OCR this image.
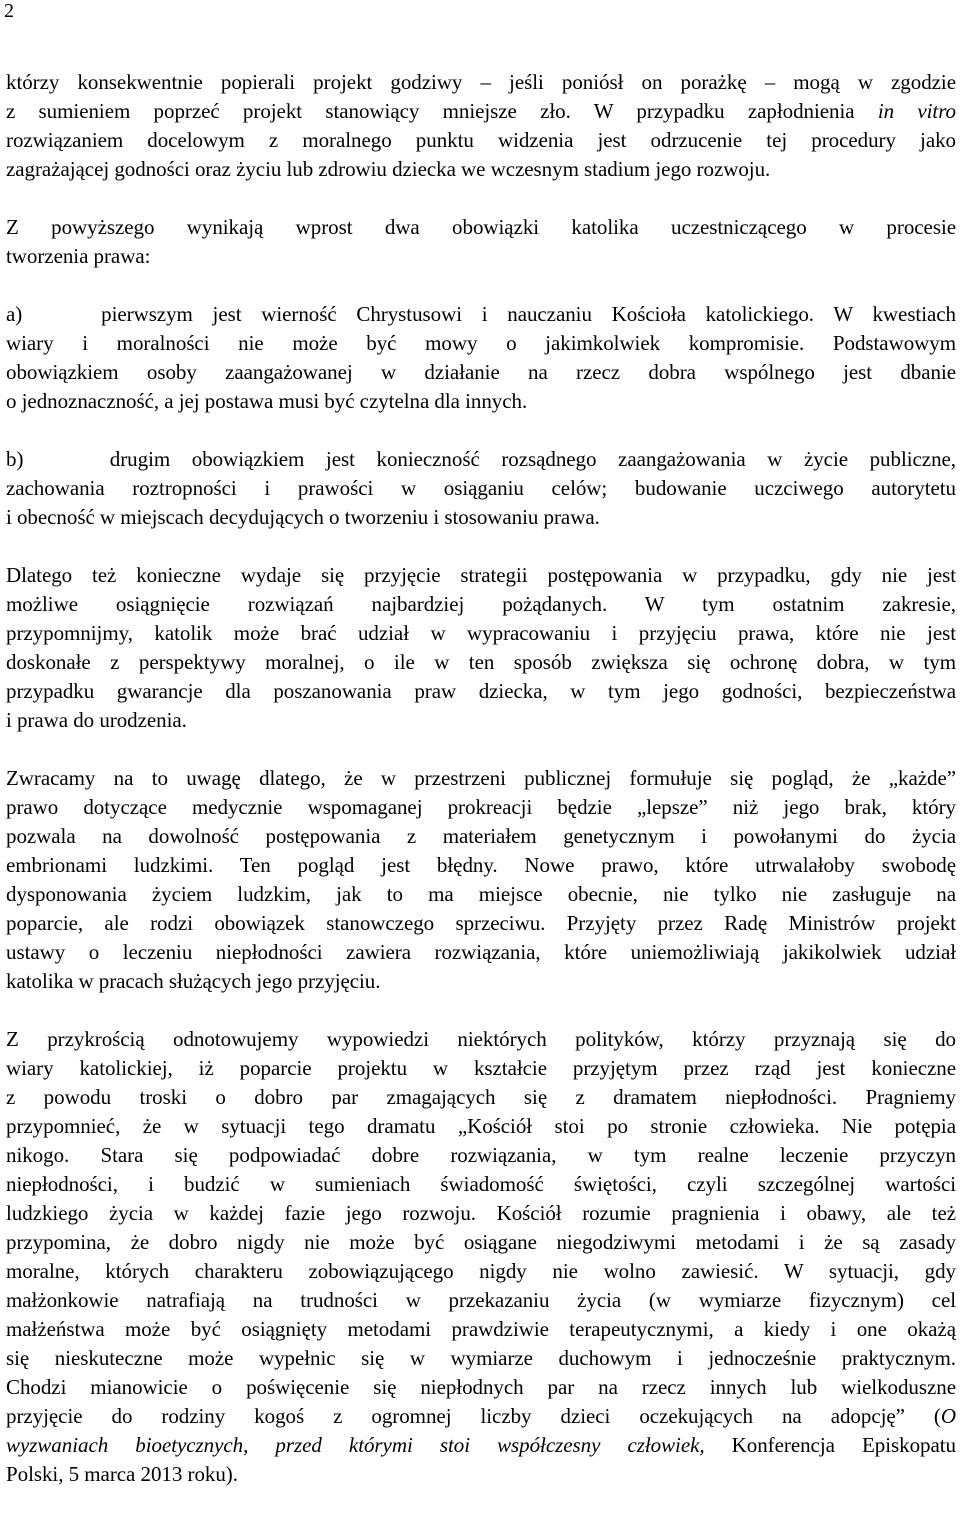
2

którzy konsekwentnie popierali projekt godziwy – jeśli poniósł on porażkę – mogą w zgodzie
z sumieniem poprzeć projekt stanowiący mniejsze zło. W przypadku zapłodnienia in vitro
rozwiązaniem docelowym z moralnego punktu widzenia jest odrzucenie tej procedury jako
zagrażającej godności oraz życiu lub zdrowiu dziecka we wczesnym stadium jego rozwoju.

Z powyższego wynikają wprost dwa obowiązki katolika uczestniczącego w procesie
tworzenia prawa:

a)    pierwszym jest wierność Chrystusowi i nauczaniu Kościoła katolickiego. W kwestiach
wiary i moralności nie może być mowy o jakimkolwiek kompromisie. Podstawowym
obowiązkiem osoby zaangażowanej w działanie na rzecz dobra wspólnego jest dbanie
o jednoznaczność, a jej postawa musi być czytelna dla innych.

b)    drugim obowiązkiem jest konieczność rozsądnego zaangażowania w życie publiczne,
zachowania roztropności i prawości w osiąganiu celów; budowanie uczciwego autorytetu
i obecność w miejscach decydujących o tworzeniu i stosowaniu prawa.

Dlatego też konieczne wydaje się przyjęcie strategii postępowania w przypadku, gdy nie jest
możliwe osiągnięcie rozwiązań najbardziej pożądanych. W tym ostatnim zakresie,
przypomnijmy, katolik może brać udział w wypracowaniu i przyjęciu prawa, które nie jest
doskonałe z perspektywy moralnej, o ile w ten sposób zwiększa się ochronę dobra, w tym
przypadku gwarancje dla poszanowania praw dziecka, w tym jego godności, bezpieczeństwa
i prawa do urodzenia.

Zwracamy na to uwagę dlatego, że w przestrzeni publicznej formułuje się pogląd, że „każde”
prawo dotyczące medycznie wspomaganej prokreacji będzie „lepsze” niż jego brak, który
pozwala na dowolność postępowania z materiałem genetycznym i powołanymi do życia
embrionami ludzkimi. Ten pogląd jest błędny. Nowe prawo, które utrwalałoby swobodę
dysponowania życiem ludzkim, jak to ma miejsce obecnie, nie tylko nie zasługuje na
poparcie, ale rodzi obowiązek stanowczego sprzeciwu. Przyjęty przez Radę Ministrów projekt
ustawy o leczeniu niepłodności zawiera rozwiązania, które uniemożliwiają jakikolwiek udział
katolika w pracach służących jego przyjęciu.

Z przykrością odnotowujemy wypowiedzi niektórych polityków, którzy przyznają się do
wiary katolickiej, iż poparcie projektu w kształcie przyjętym przez rząd jest konieczne
z powodu troski o dobro par zmagających się z dramatem niepłodności. Pragniemy
przypomnieć, że w sytuacji tego dramatu „Kościół stoi po stronie człowieka. Nie potępia
nikogo. Stara się podpowiadać dobre rozwiązania, w tym realne leczenie przyczyn
niepłodności, i budzić w sumieniach świadomość świętości, czyli szczególnej wartości
ludzkiego życia w każdej fazie jego rozwoju. Kościół rozumie pragnienia i obawy, ale też
przypomina, że dobro nigdy nie może być osiągane niegodziwymi metodami i że są zasady
moralne, których charakteru zobowiązującego nigdy nie wolno zawiesić. W sytuacji, gdy
małżonkowie natrafiają na trudności w przekazaniu życia (w wymiarze fizycznym) cel
małżeństwa może być osiągnięty metodami prawdziwie terapeutycznymi, a kiedy i one okażą
się nieskuteczne może wypełnic się w wymiarze duchowym i jednocześnie praktycznym.
Chodzi mianowicie o poświęcenie się niepłodnych par na rzecz innych lub wielkoduszne
przyjęcie do rodziny kogoś z ogromnej liczby dzieci oczekujących na adopcję” (O
wyzwaniach bioetycznych, przed którymi stoi współczesny człowiek, Konferencja Episkopatu
Polski, 5 marca 2013 roku).
